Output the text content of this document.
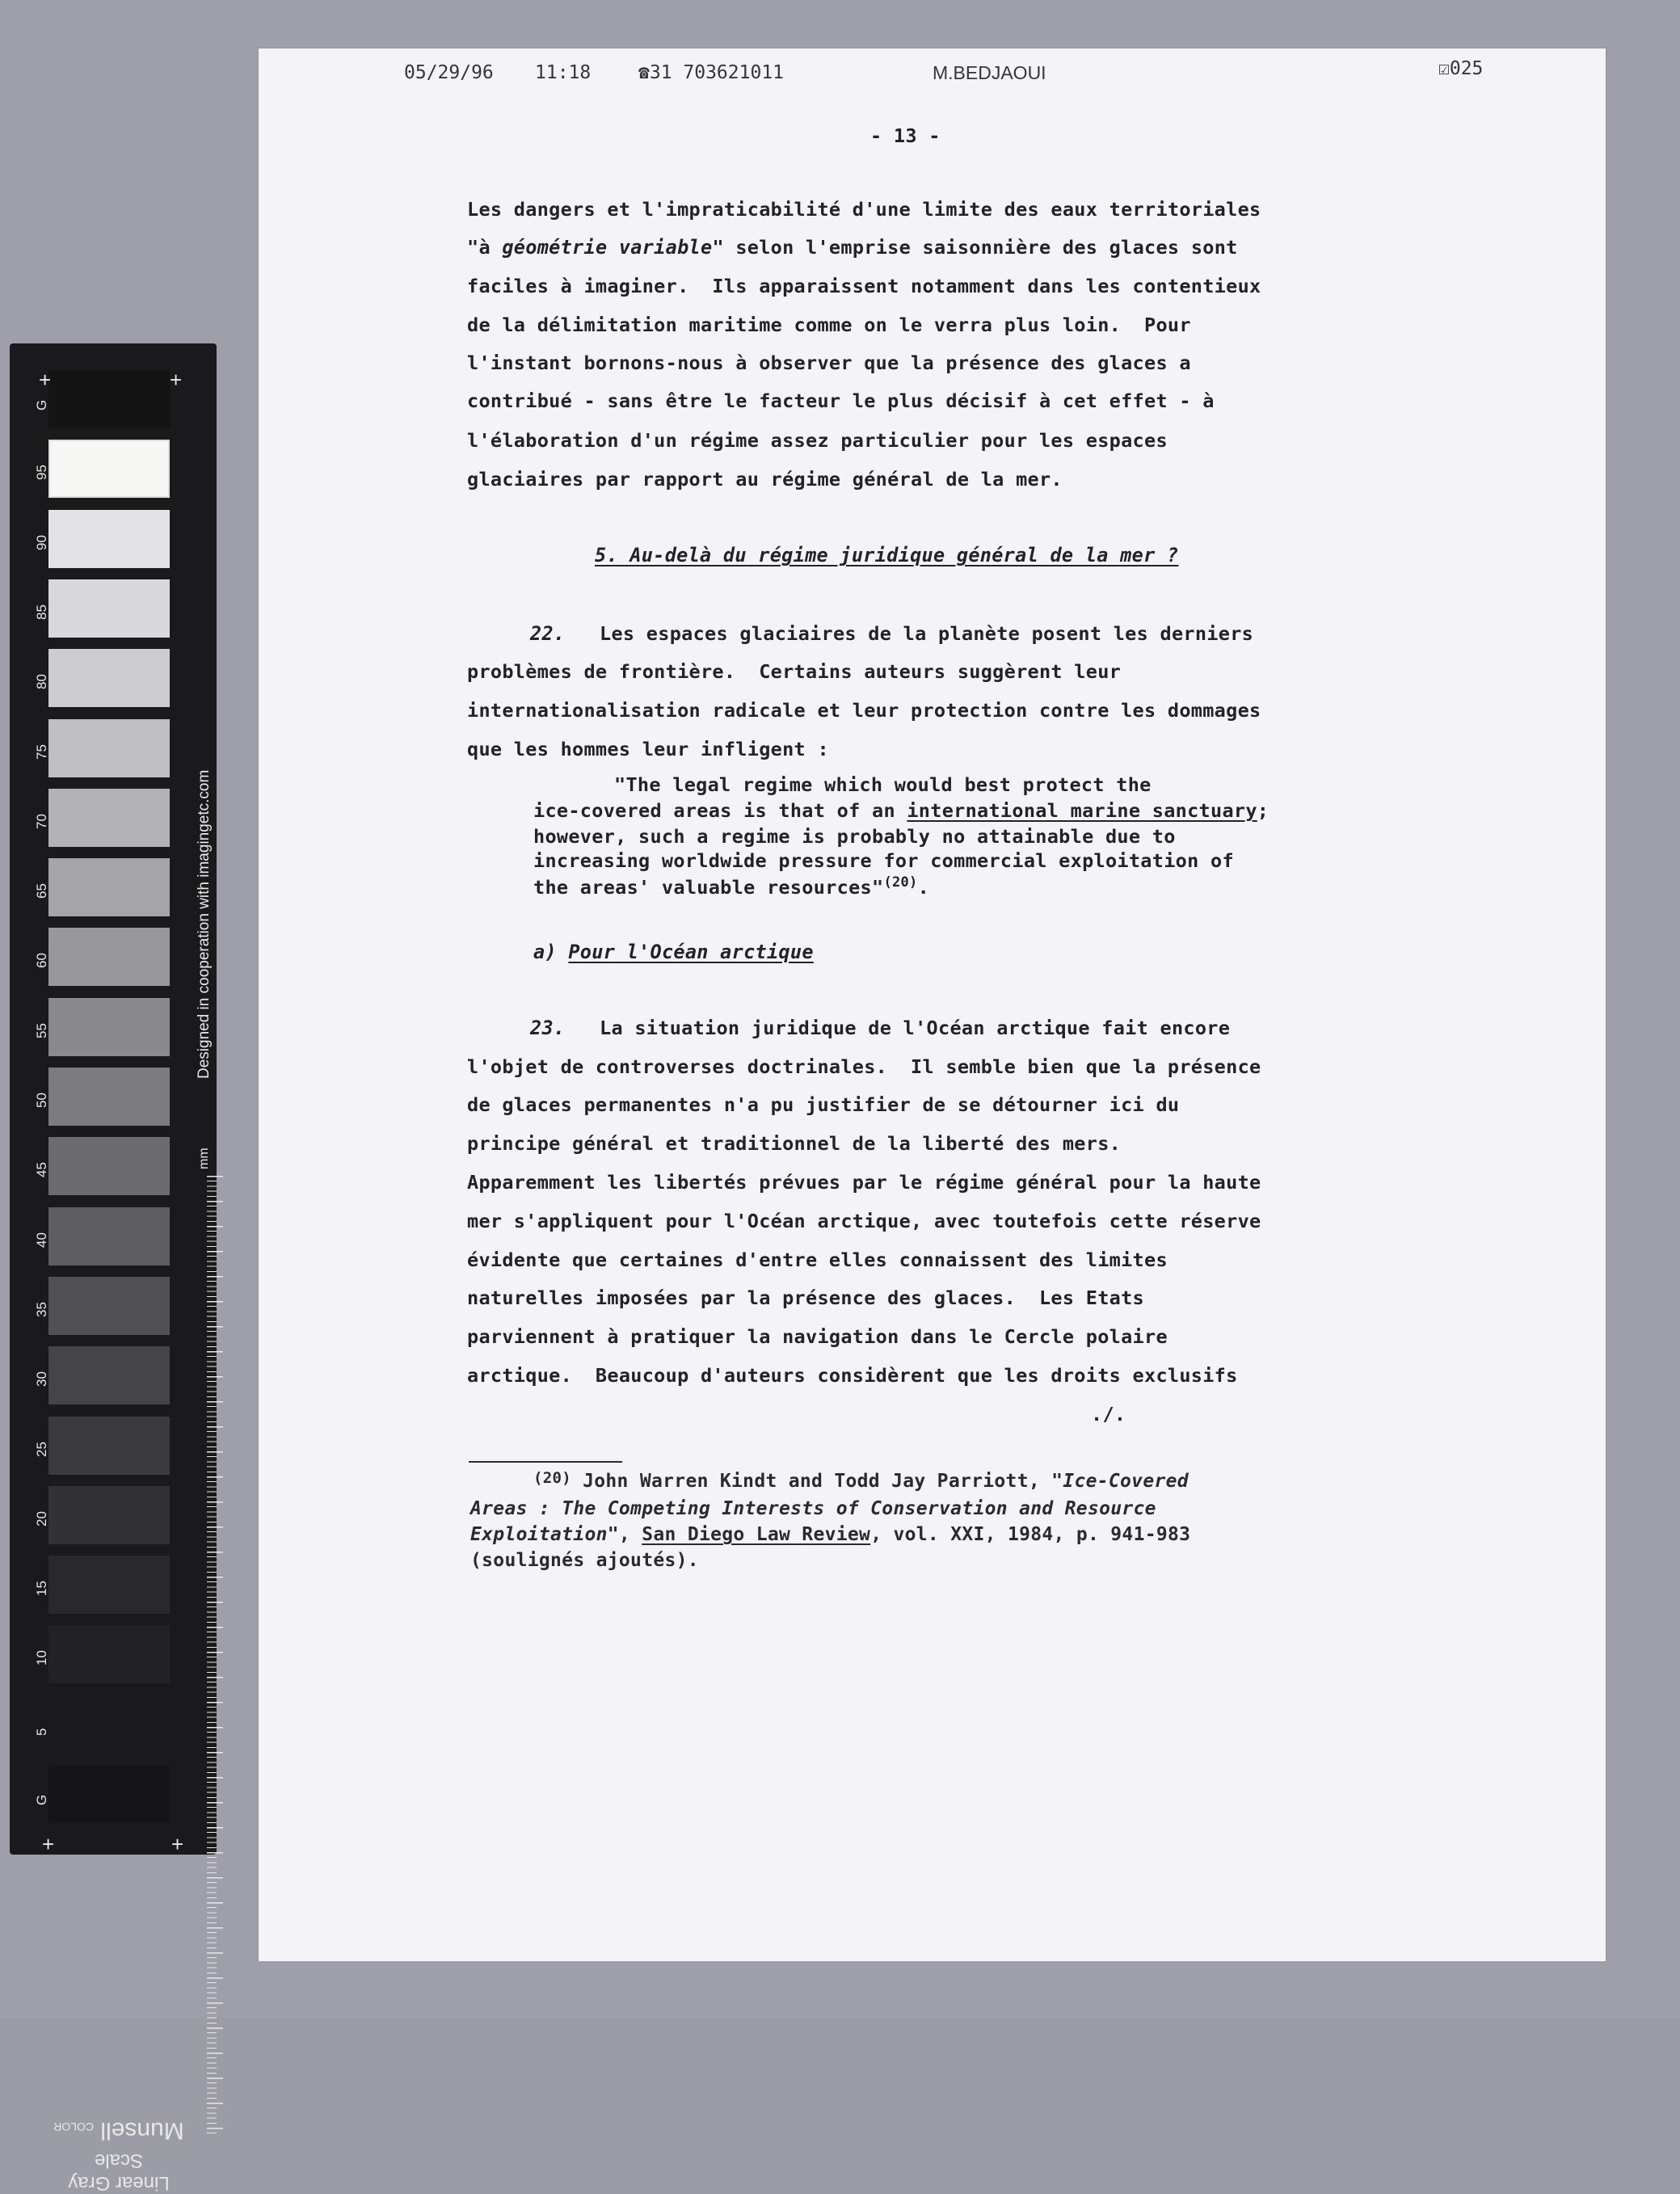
G
95
90
85
80
75
70
65
60
55
50
45
40
35
30
25
20
15
10
5
G
+	+
+	+
Designed in cooperation with imagingetc.com
mm
Linear Gray Scale
Munsell COLOR
05/29/96 11:18	☎31 703621011	M.BEDJAOUI	☑025
- 13 -
Les dangers et l'impraticabilité d'une limite des eaux territoriales
"à géométrie variable" selon l'emprise saisonnière des glaces sont
faciles à imaginer.  Ils apparaissent notamment dans les contentieux
de la délimitation maritime comme on le verra plus loin.  Pour
l'instant bornons-nous à observer que la présence des glaces a
contribué - sans être le facteur le plus décisif à cet effet - à
l'élaboration d'un régime assez particulier pour les espaces
glaciaires par rapport au régime général de la mer.
5. Au-delà du régime juridique général de la mer ?
22. Les espaces glaciaires de la planète posent les derniers
problèmes de frontière.  Certains auteurs suggèrent leur
internationalisation radicale et leur protection contre les dommages
que les hommes leur infligent :
"The legal regime which would best protect the
ice-covered areas is that of an international marine sanctuary;
however, such a regime is probably no attainable due to
increasing worldwide pressure for commercial exploitation of
the areas' valuable resources"$^{(20)}$.
a) Pour l'Océan arctique
23. La situation juridique de l'Océan arctique fait encore
l'objet de controverses doctrinales.  Il semble bien que la présence
de glaces permanentes n'a pu justifier de se détourner ici du
principe général et traditionnel de la liberté des mers.
Apparemment les libertés prévues par le régime général pour la haute
mer s'appliquent pour l'Océan arctique, avec toutefois cette réserve
évidente que certaines d'entre elles connaissent des limites
naturelles imposées par la présence des glaces.  Les Etats
parviennent à pratiquer la navigation dans le Cercle polaire
arctique.  Beaucoup d'auteurs considèrent que les droits exclusifs
./.
$^{(20)}$ John Warren Kindt and Todd Jay Parriott, "Ice-Covered
Areas : The Competing Interests of Conservation and Resource
Exploitation", San Diego Law Review, vol. XXI, 1984, p. 941-983
(soulignés ajoutés).
